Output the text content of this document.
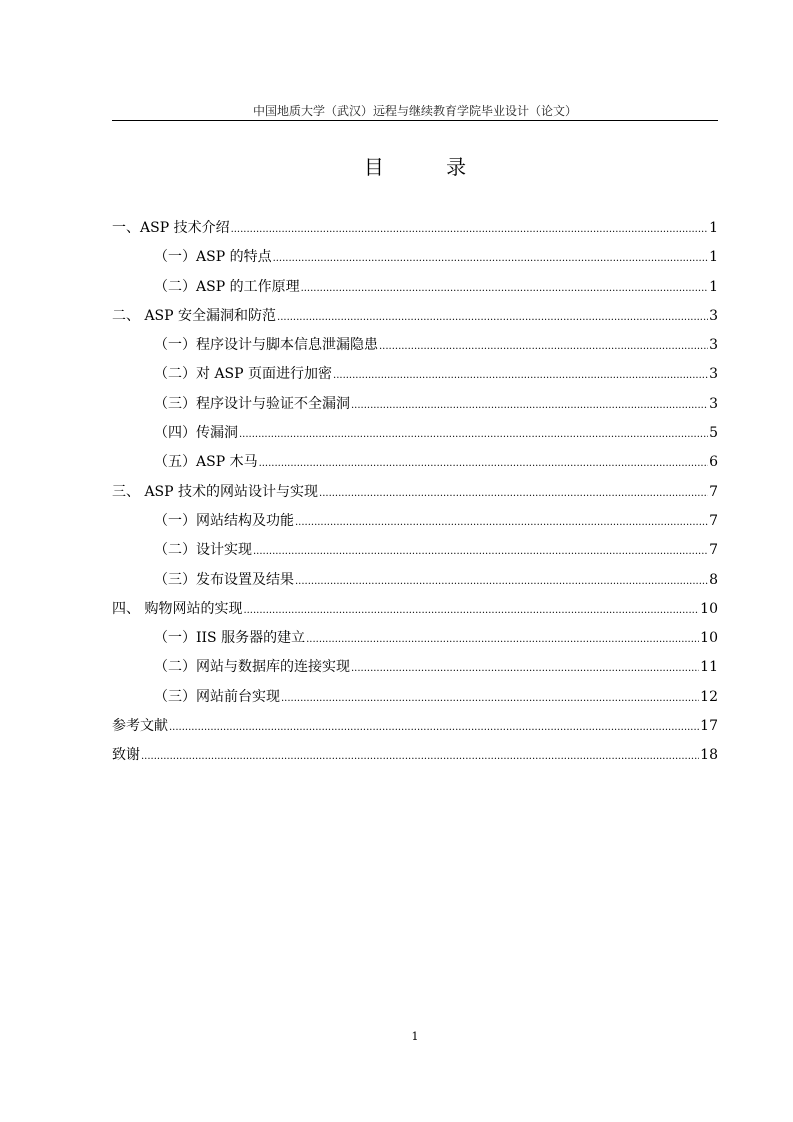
中国地质大学（武汉）远程与继续教育学院毕业设计（论文）
目 录
一、ASP 技术介绍 .....	1
（一）ASP 的特点 .....	1
（二）ASP 的工作原理 .....	1
二、 ASP 安全漏洞和防范 .....	3
（一）程序设计与脚本信息泄漏隐患 .....	3
（二）对 ASP 页面进行加密 .....	3
（三）程序设计与验证不全漏洞 .....	3
（四）传漏洞 .....	5
（五）ASP 木马 .....	6
三、 ASP 技术的网站设计与实现 .....	7
（一）网站结构及功能 .....	7
（二）设计实现 .....	7
（三）发布设置及结果 .....	8
四、 购物网站的实现 .....	10
（一）IIS 服务器的建立 .....	10
（二）网站与数据库的连接实现 .....	11
（三）网站前台实现 .....	12
参考文献 .....	17
致谢 .....	18
1
